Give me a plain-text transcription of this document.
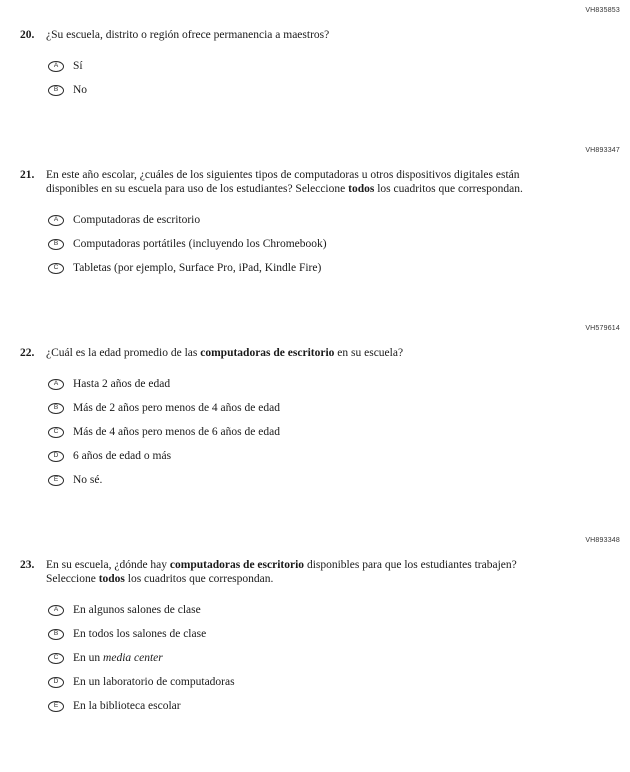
VH835853
20.	¿Su escuela, distrito o región ofrece permanencia a maestros?
A Sí
B No
VH893347
21.	En este año escolar, ¿cuáles de los siguientes tipos de computadoras u otros dispositivos digitales están disponibles en su escuela para uso de los estudiantes? Seleccione todos los cuadritos que correspondan.
A Computadoras de escritorio
B Computadoras portátiles (incluyendo los Chromebook)
C Tabletas (por ejemplo, Surface Pro, iPad, Kindle Fire)
VH579614
22.	¿Cuál es la edad promedio de las computadoras de escritorio en su escuela?
A Hasta 2 años de edad
B Más de 2 años pero menos de 4 años de edad
C Más de 4 años pero menos de 6 años de edad
D 6 años de edad o más
E No sé.
VH893348
23.	En su escuela, ¿dónde hay computadoras de escritorio disponibles para que los estudiantes trabajen? Seleccione todos los cuadritos que correspondan.
A En algunos salones de clase
B En todos los salones de clase
C En un media center
D En un laboratorio de computadoras
E En la biblioteca escolar
